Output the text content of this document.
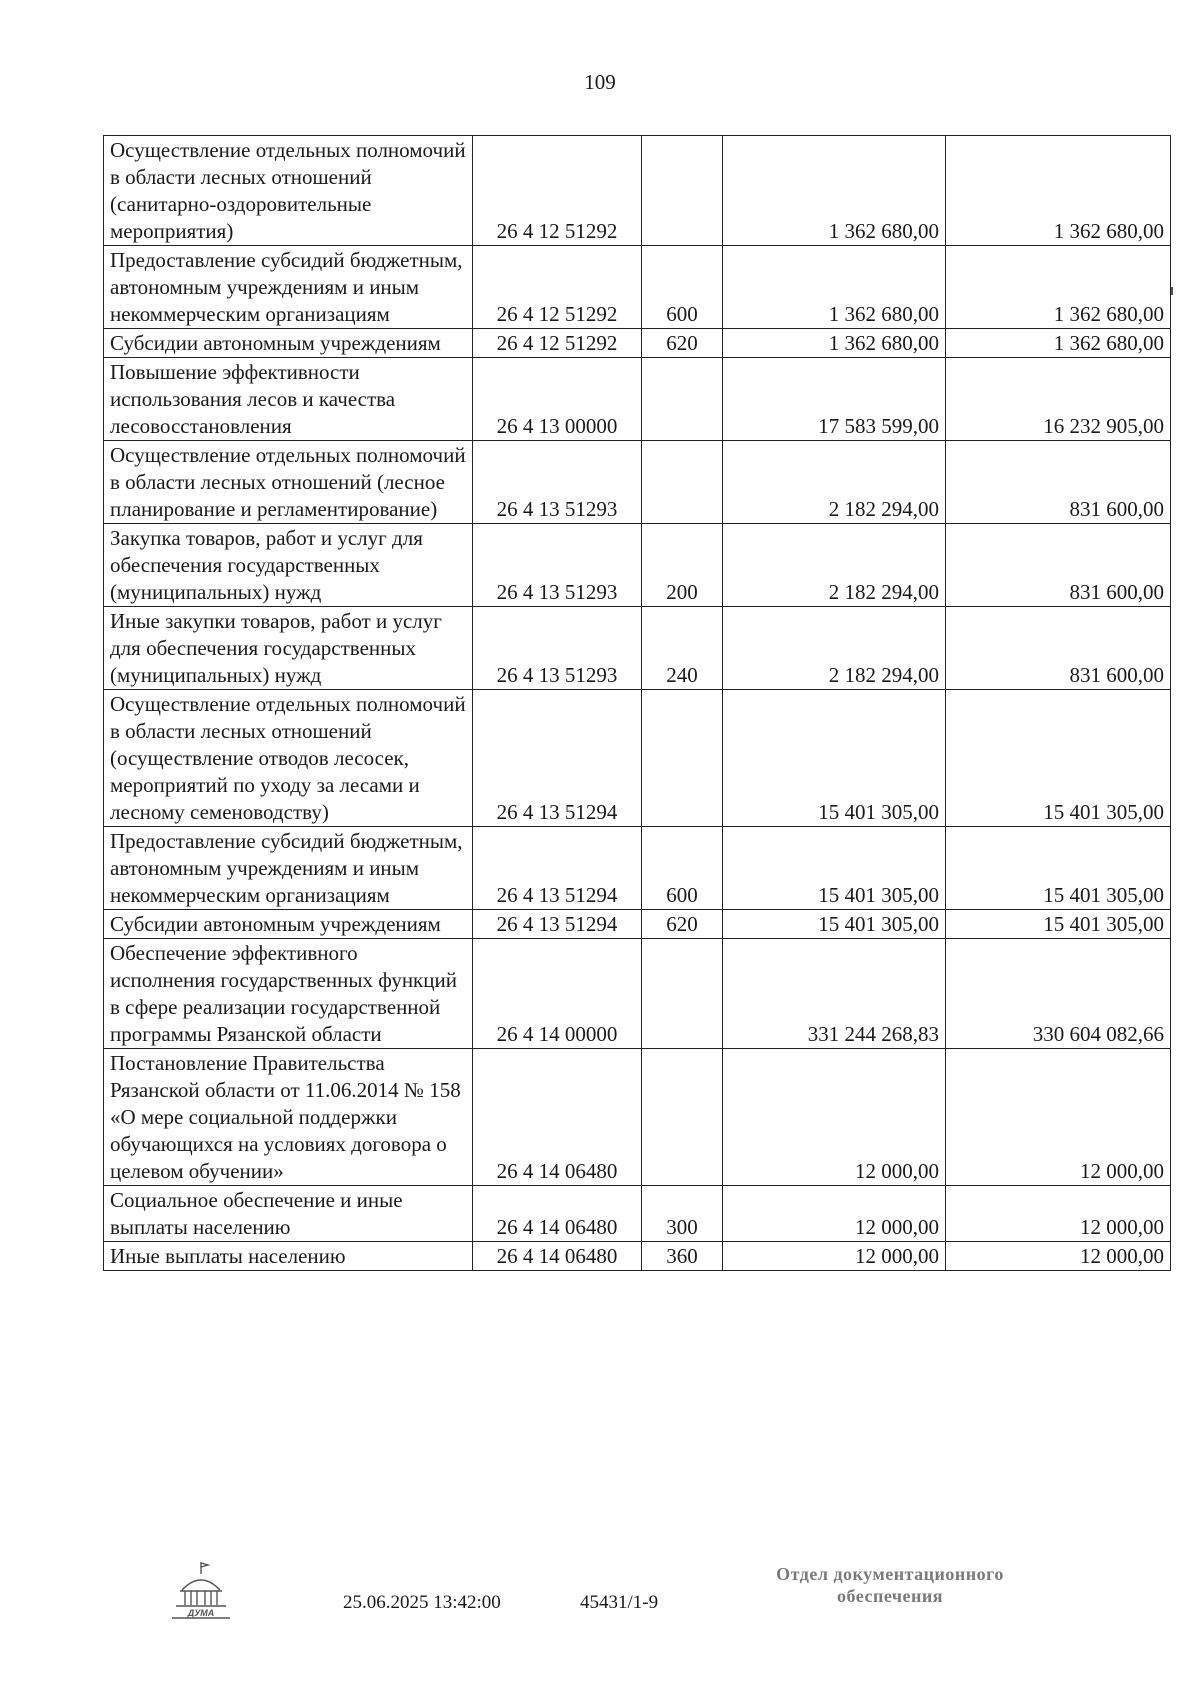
109
Осуществление отдельных полномочий в области лесных отношений (санитарно-оздоровительные мероприятия)	26 4 12 51292		1 362 680,00	1 362 680,00
Предоставление субсидий бюджетным, автономным учреждениям и иным некоммерческим организациям	26 4 12 51292	600	1 362 680,00	1 362 680,00
Субсидии автономным учреждениям	26 4 12 51292	620	1 362 680,00	1 362 680,00
Повышение эффективности использования лесов и качества лесовосстановления	26 4 13 00000		17 583 599,00	16 232 905,00
Осуществление отдельных полномочий в области лесных отношений (лесное планирование и регламентирование)	26 4 13 51293		2 182 294,00	831 600,00
Закупка товаров, работ и услуг для обеспечения государственных (муниципальных) нужд	26 4 13 51293	200	2 182 294,00	831 600,00
Иные закупки товаров, работ и услуг для обеспечения государственных (муниципальных) нужд	26 4 13 51293	240	2 182 294,00	831 600,00
Осуществление отдельных полномочий в области лесных отношений (осуществление отводов лесосек, мероприятий по уходу за лесами и лесному семеноводству)	26 4 13 51294		15 401 305,00	15 401 305,00
Предоставление субсидий бюджетным, автономным учреждениям и иным некоммерческим организациям	26 4 13 51294	600	15 401 305,00	15 401 305,00
Субсидии автономным учреждениям	26 4 13 51294	620	15 401 305,00	15 401 305,00
Обеспечение эффективного исполнения государственных функций в сфере реализации государственной программы Рязанской области	26 4 14 00000		331 244 268,83	330 604 082,66
Постановление Правительства Рязанской области от 11.06.2014 № 158 «О мере социальной поддержки обучающихся на условиях договора о целевом обучении»	26 4 14 06480		12 000,00	12 000,00
Социальное обеспечение и иные выплаты населению	26 4 14 06480	300	12 000,00	12 000,00
Иные выплаты населению	26 4 14 06480	360	12 000,00	12 000,00
ДУМА	25.06.2025 13:42:00	45431/1-9
Отдел документационного
обеспечения
